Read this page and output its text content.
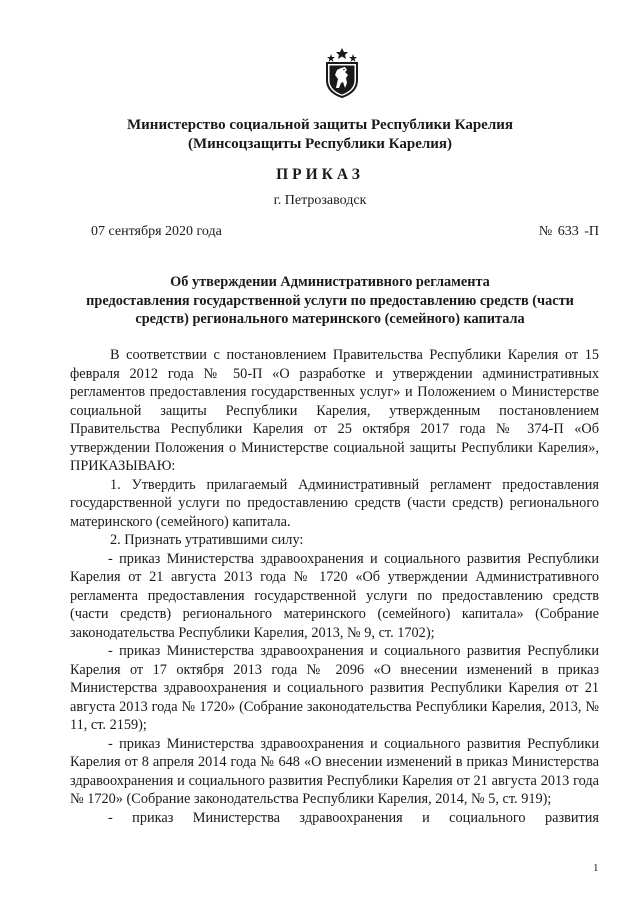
Министерство социальной защиты Республики Карелия
(Минсоцзащиты Республики Карелия)
ПРИКАЗ
г. Петрозаводск
07 сентября 2020 года	№ 633 -П
Об утверждении Административного регламента
предоставления государственной услуги по предоставлению средств (части
средств) регионального материнского (семейного) капитала

В соответствии с постановлением Правительства Республики Карелия от 15 февраля 2012 года № 50-П «О разработке и утверждении административных регламентов предоставления государственных услуг» и Положением о Министерстве социальной защиты Республики Карелия, утвержденным постановлением Правительства Республики Карелия от 25 октября 2017 года № 374-П «Об утверждении Положения о Министерстве социальной защиты Республики Карелия», ПРИКАЗЫВАЮ:

1. Утвердить прилагаемый Административный регламент предоставления государственной услуги по предоставлению средств (части средств) регионального материнского (семейного) капитала.

2. Признать утратившими силу:

- приказ Министерства здравоохранения и социального развития Республики Карелия от 21 августа 2013 года № 1720 «Об утверждении Административного регламента предоставления государственной услуги по предоставлению средств (части средств) регионального материнского (семейного) капитала» (Собрание законодательства Республики Карелия, 2013, № 9, ст. 1702);

- приказ Министерства здравоохранения и социального развития Республики Карелия от 17 октября 2013 года № 2096 «О внесении изменений в приказ Министерства здравоохранения и социального развития Республики Карелия от 21 августа 2013 года № 1720» (Собрание законодательства Республики Карелия, 2013, № 11, ст. 2159);

- приказ Министерства здравоохранения и социального развития Республики Карелия от 8 апреля 2014 года № 648 «О внесении изменений в приказ Министерства здравоохранения и социального развития Республики Карелия от 21 августа 2013 года № 1720» (Собрание законодательства Республики Карелия, 2014, № 5, ст. 919);

- приказ Министерства здравоохранения и социального развития

1
